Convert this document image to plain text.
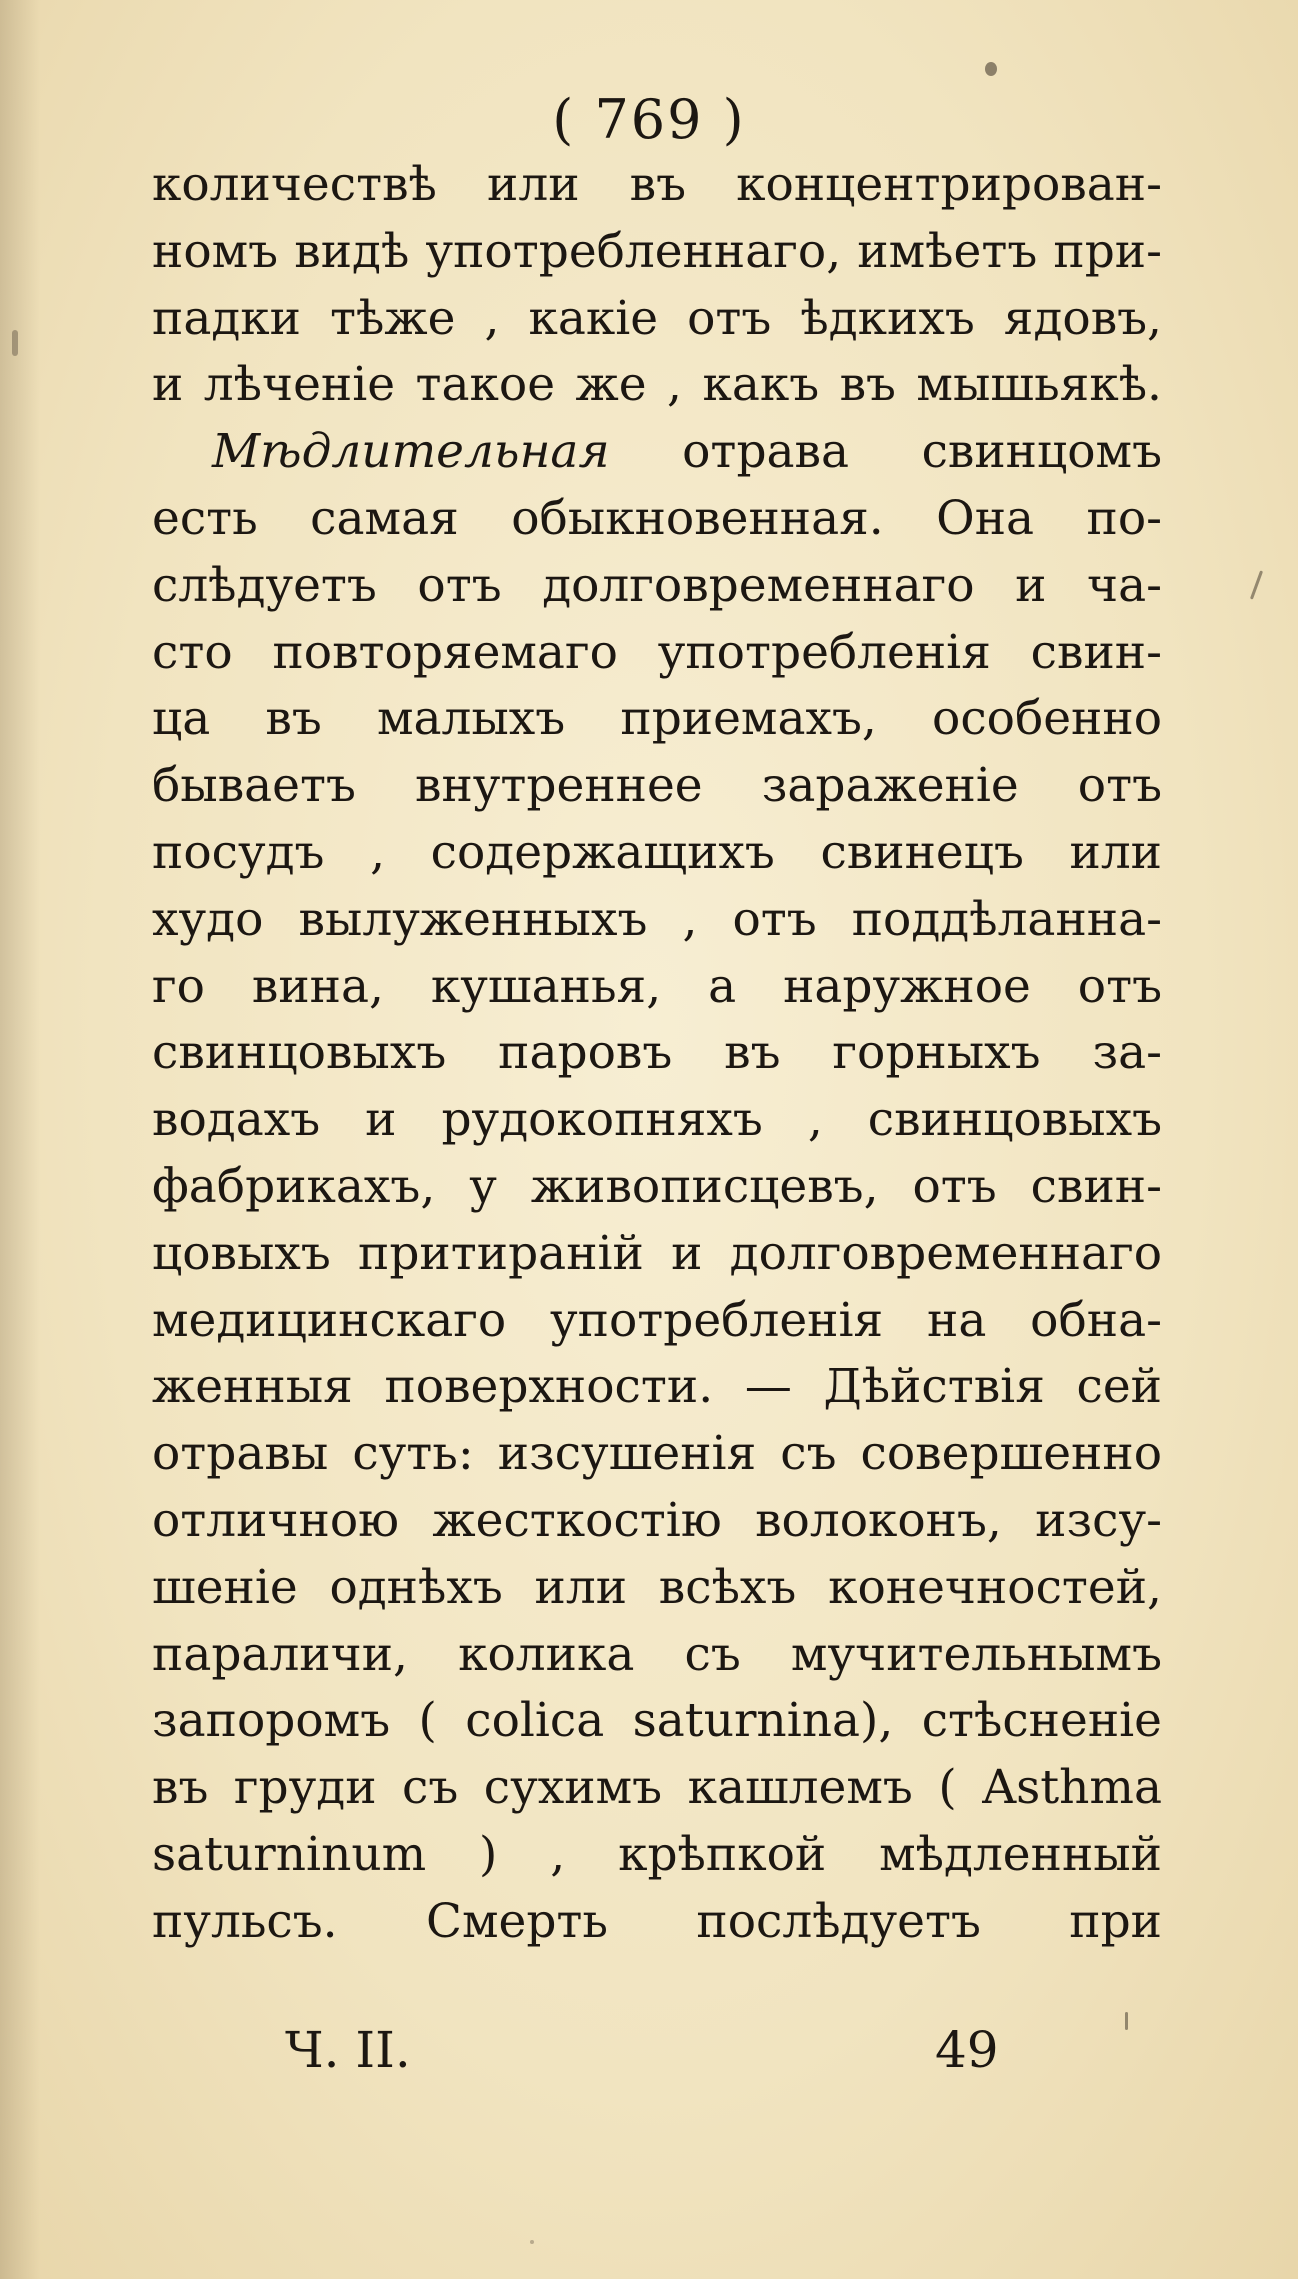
( 769 )
количествѣ или въ концентрирован-
номъ видѣ употребленнаго, имѣетъ при-
падки тѣже , какiе отъ ѣдкихъ ядовъ,
и лѣченiе такое же , какъ въ мышьякѣ.
Мѣдлительная отрава свинцомъ
есть самая обыкновенная. Она по-
слѣдуетъ отъ долговременнаго и ча-
сто повторяемаго употребленiя свин-
ца въ малыхъ приемахъ, особенно
бываетъ внутреннее зараженiе отъ
посудъ , содержащихъ свинецъ или
худо вылуженныхъ , отъ поддѣланна-
го вина, кушанья, а наружное отъ
свинцовыхъ паровъ въ горныхъ за-
водахъ и рудокопняхъ , свинцовыхъ
фабрикахъ, у живописцевъ, отъ свин-
цовыхъ притиранiй и долговременнаго
медицинскаго употребленiя на обна-
женныя поверхности. — Дѣйствiя сей
отравы суть: изсушенiя съ совершенно
отличною жесткостiю волоконъ, изсу-
шенiе однѣхъ или всѣхъ конечностей,
параличи, колика съ мучительнымъ
запоромъ ( colica saturnina), стѣсненiе
въ груди съ сухимъ кашлемъ ( Asthma
saturninum ) , крѣпкой мѣдленный
пульсъ. Смерть послѣдуетъ при
Ч. II.	49
